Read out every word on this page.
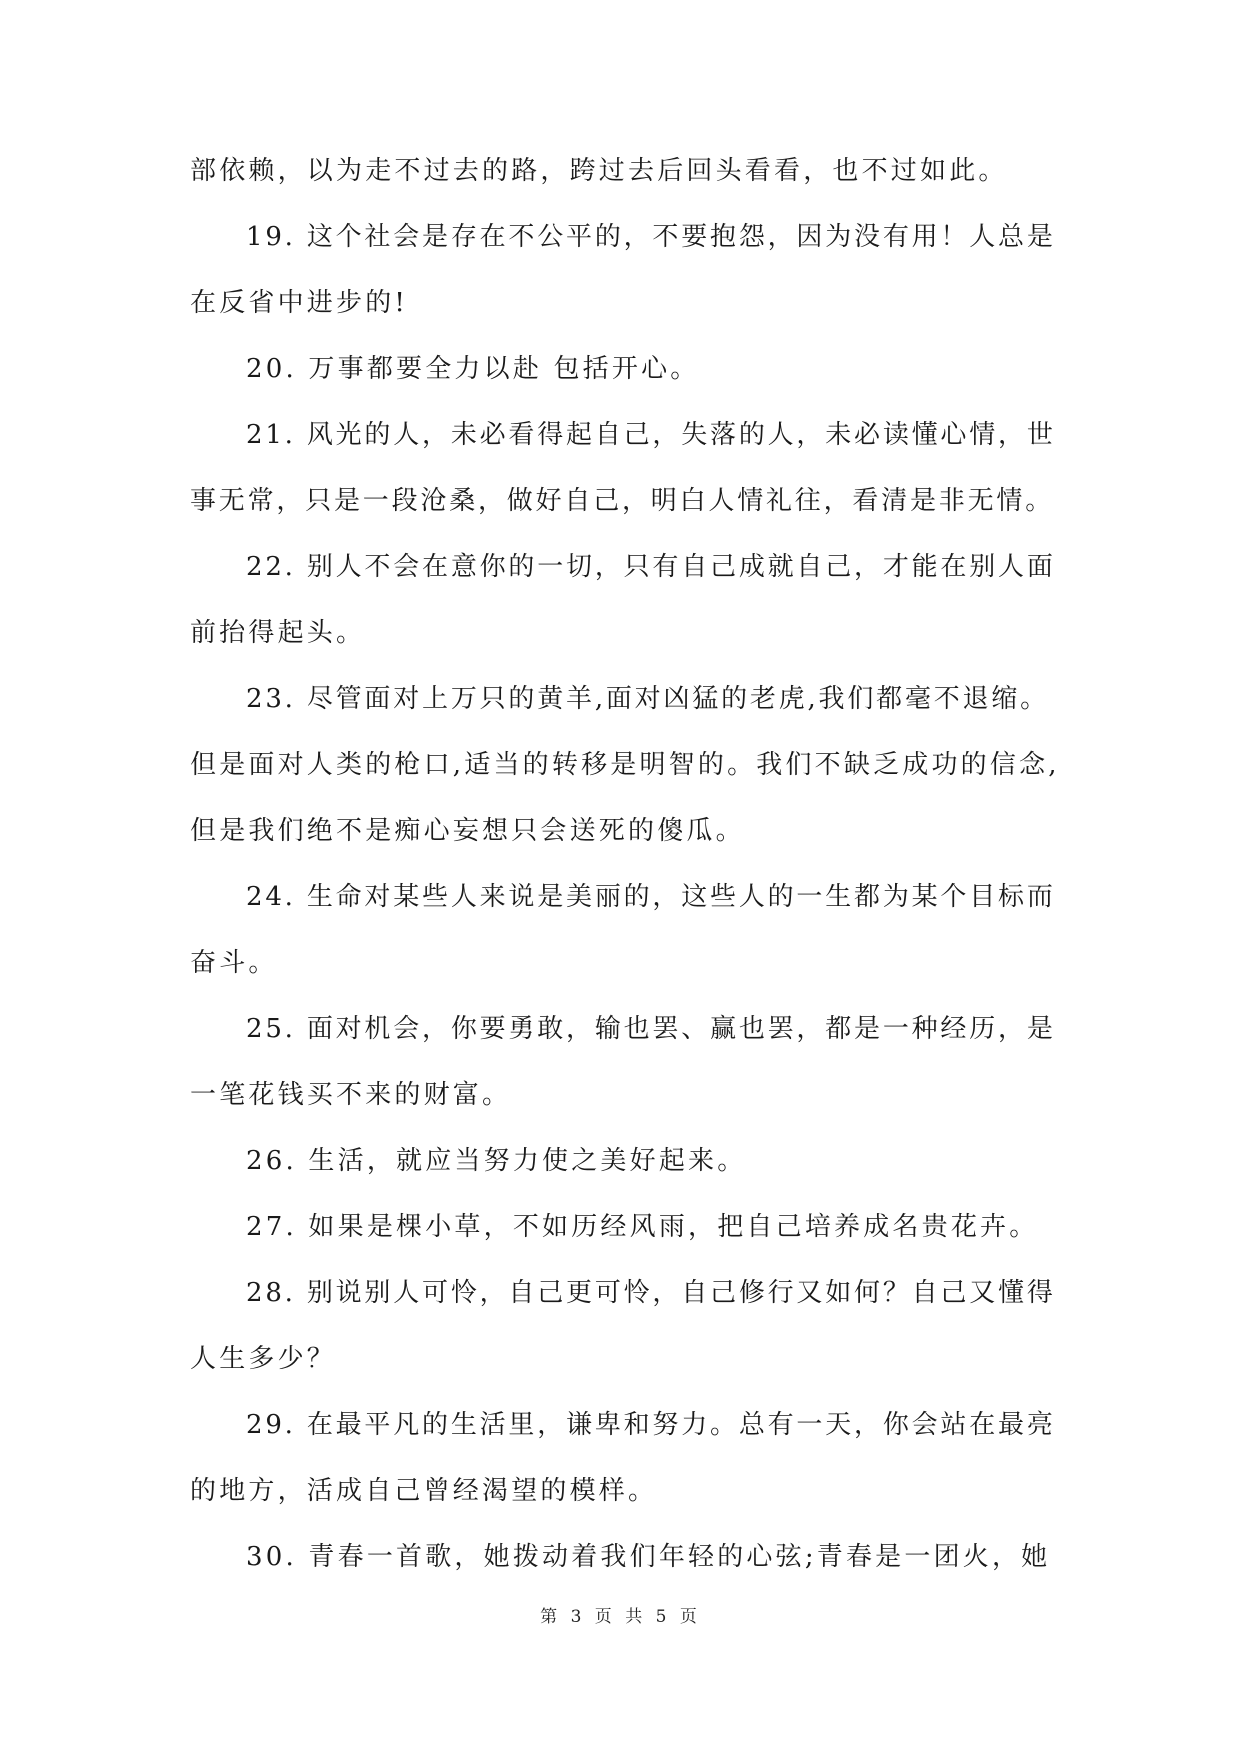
部依赖，以为走不过去的路，跨过去后回头看看，也不过如此。
19. 这个社会是存在不公平的，不要抱怨，因为没有用！人总是
在反省中进步的!
20. 万事都要全力以赴 包括开心。
21. 风光的人，未必看得起自己，失落的人，未必读懂心情，世
事无常，只是一段沧桑，做好自己，明白人情礼往，看清是非无情。
22. 别人不会在意你的一切，只有自己成就自己，才能在别人面
前抬得起头。
23. 尽管面对上万只的黄羊,面对凶猛的老虎,我们都毫不退缩。
但是面对人类的枪口,适当的转移是明智的。我们不缺乏成功的信念,
但是我们绝不是痴心妄想只会送死的傻瓜。
24. 生命对某些人来说是美丽的，这些人的一生都为某个目标而
奋斗。
25. 面对机会，你要勇敢，输也罢、赢也罢，都是一种经历，是
一笔花钱买不来的财富。
26. 生活，就应当努力使之美好起来。
27. 如果是棵小草，不如历经风雨，把自己培养成名贵花卉。
28. 别说别人可怜，自己更可怜，自己修行又如何？自己又懂得
人生多少？
29. 在最平凡的生活里，谦卑和努力。总有一天，你会站在最亮
的地方，活成自己曾经渴望的模样。
30. 青春一首歌，她拨动着我们年轻的心弦;青春是一团火，她
第 3 页 共 5 页
